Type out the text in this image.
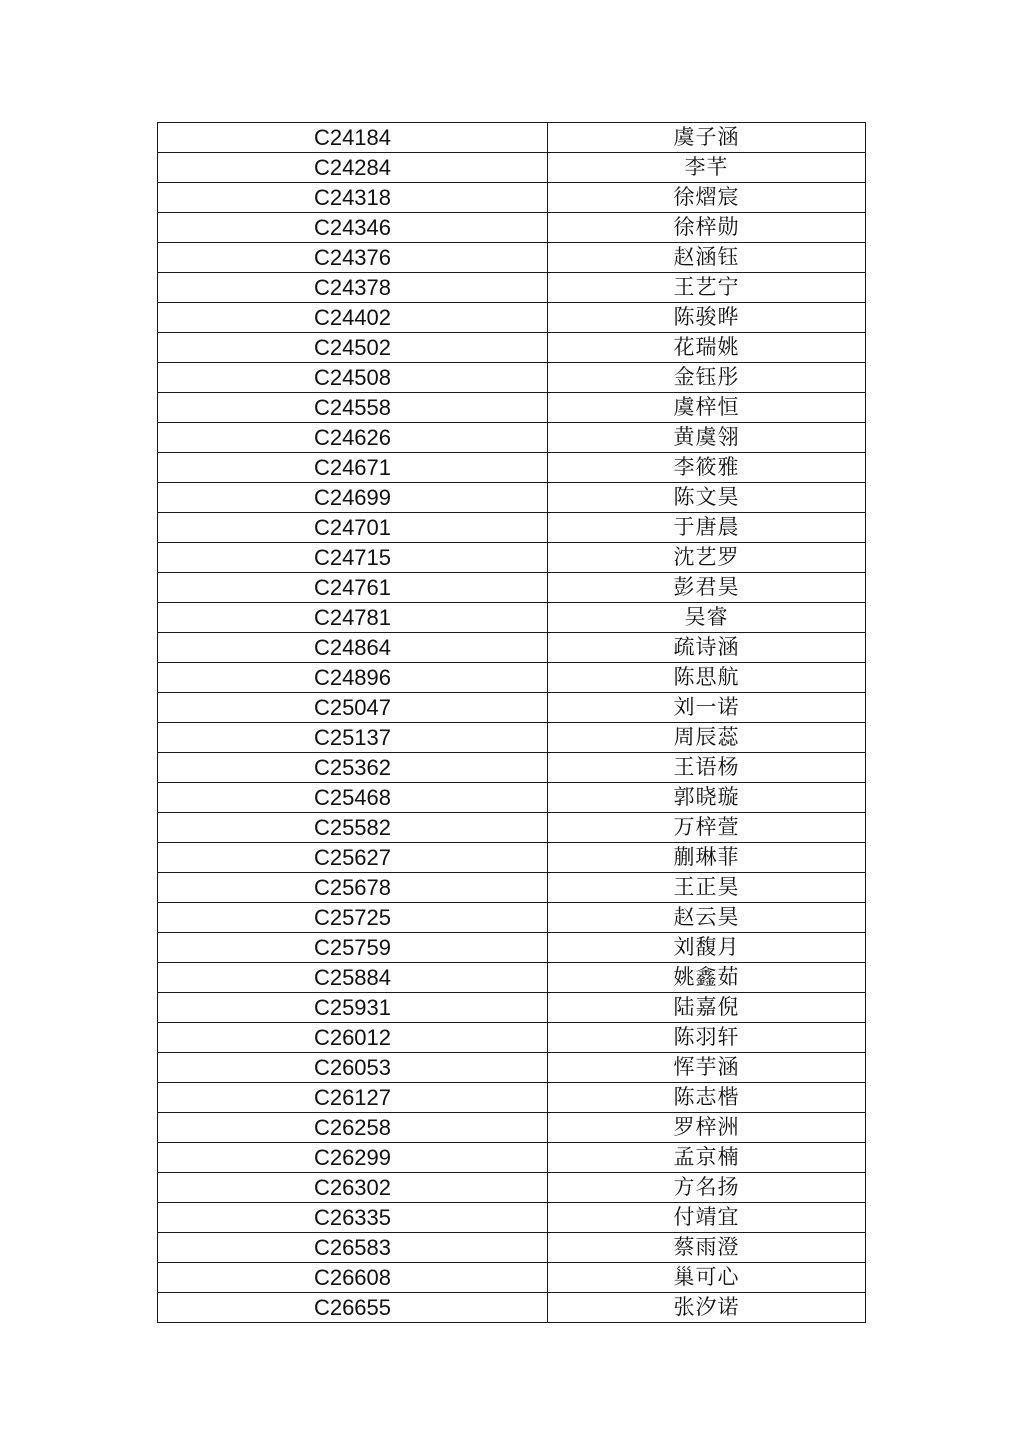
C24184	虞子涵
C24284	李芊
C24318	徐熠宸
C24346	徐梓勋
C24376	赵涵钰
C24378	王艺宁
C24402	陈骏晔
C24502	花瑞姚
C24508	金钰彤
C24558	虞梓恒
C24626	黄虞翎
C24671	李筱雅
C24699	陈文昊
C24701	于唐晨
C24715	沈艺罗
C24761	彭君昊
C24781	吴睿
C24864	疏诗涵
C24896	陈思航
C25047	刘一诺
C25137	周辰蕊
C25362	王语杨
C25468	郭晓璇
C25582	万梓萱
C25627	蒯琳菲
C25678	王正昊
C25725	赵云昊
C25759	刘馥月
C25884	姚鑫茹
C25931	陆嘉倪
C26012	陈羽轩
C26053	恽芋涵
C26127	陈志楷
C26258	罗梓洲
C26299	孟京楠
C26302	方名扬
C26335	付靖宜
C26583	蔡雨澄
C26608	巢可心
C26655	张汐诺
